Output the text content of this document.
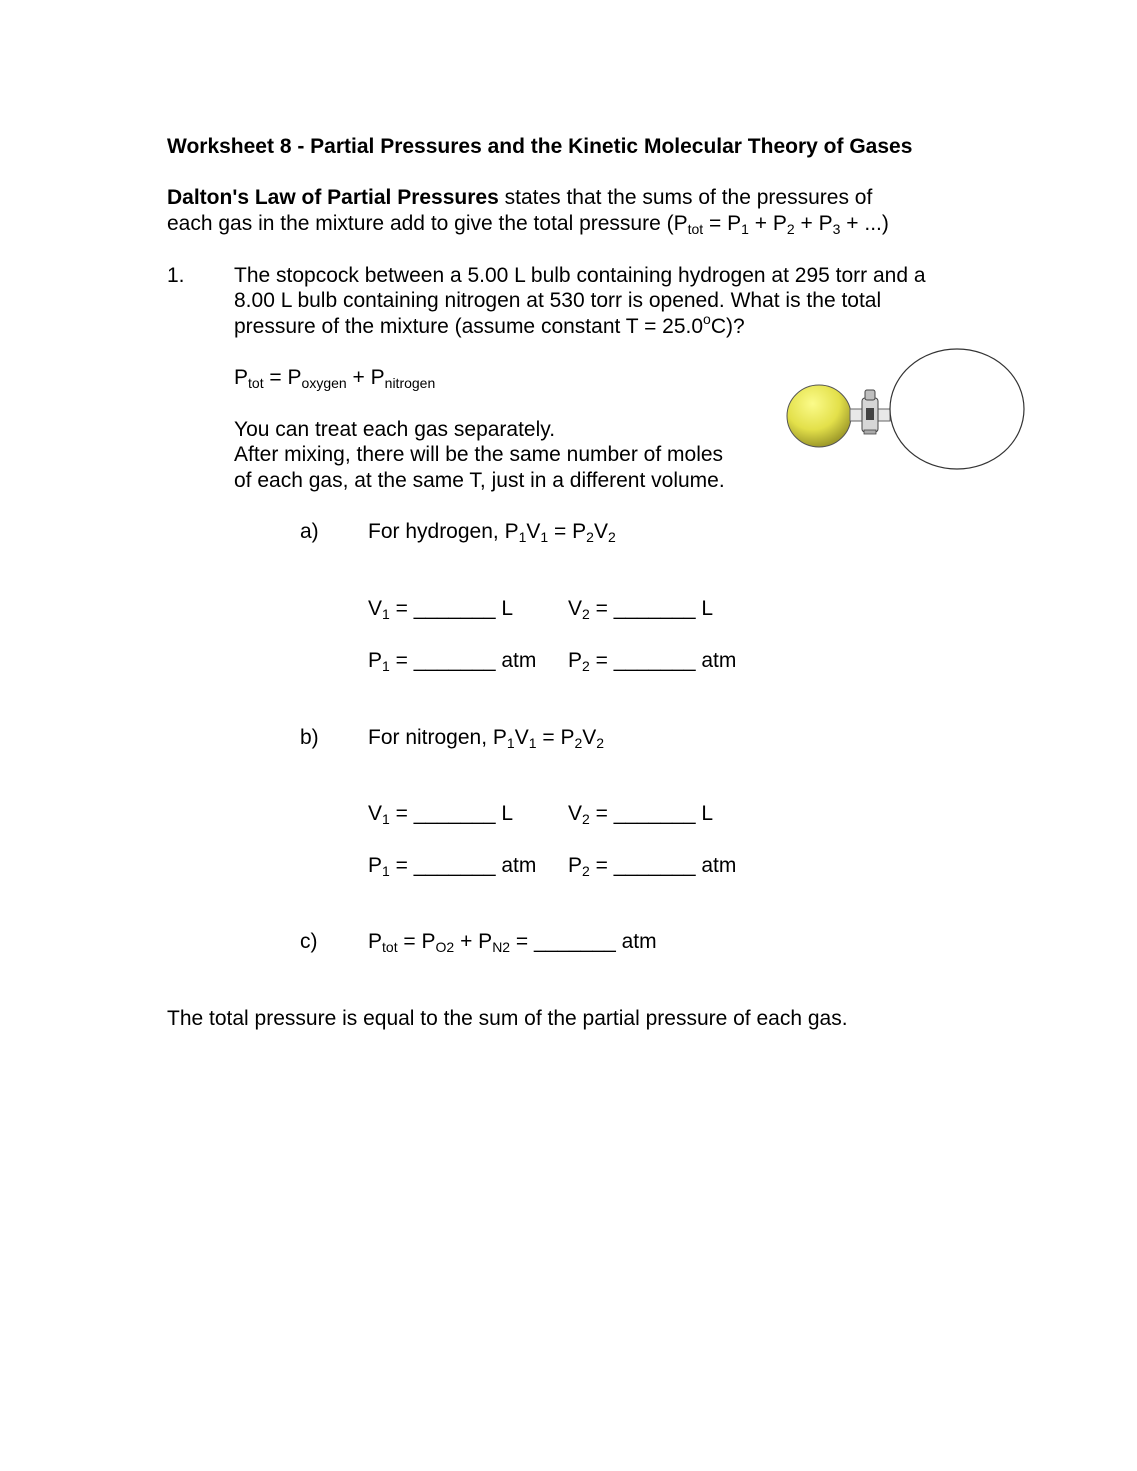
Worksheet 8 - Partial Pressures and the Kinetic Molecular Theory of Gases
Dalton's Law of Partial Pressures states that the sums of the pressures of
each gas in the mixture add to give the total pressure ($P_{tot} = P_1 + P_2 + P_3$ + ...)
1. The stopcock between a 5.00 L bulb containing hydrogen at 295 torr and a
8.00 L bulb containing nitrogen at 530 torr is opened. What is the total
pressure of the mixture (assume constant $T = 25.0^oC$)?
$P_{tot} = P_{oxygen} + P_{nitrogen}$
You can treat each gas separately.
After mixing, there will be the same number of moles
of each gas, at the same T, just in a different volume.
a) For hydrogen, $P_1V_1 = P_2V_2$
$V_1$ = _______ L	$V_2$ = _______ L
$P_1$ = _______ atm $P_2$ = _______ atm
b) For nitrogen, $P_1V_1 = P_2V_2$
$V_1$ = _______ L	$V_2$ = _______ L
$P_1$ = _______ atm $P_2$ = _______ atm
c) $P_{tot} = P_{O2} + P_{N2}$ = _______ atm
The total pressure is equal to the sum of the partial pressure of each gas.
